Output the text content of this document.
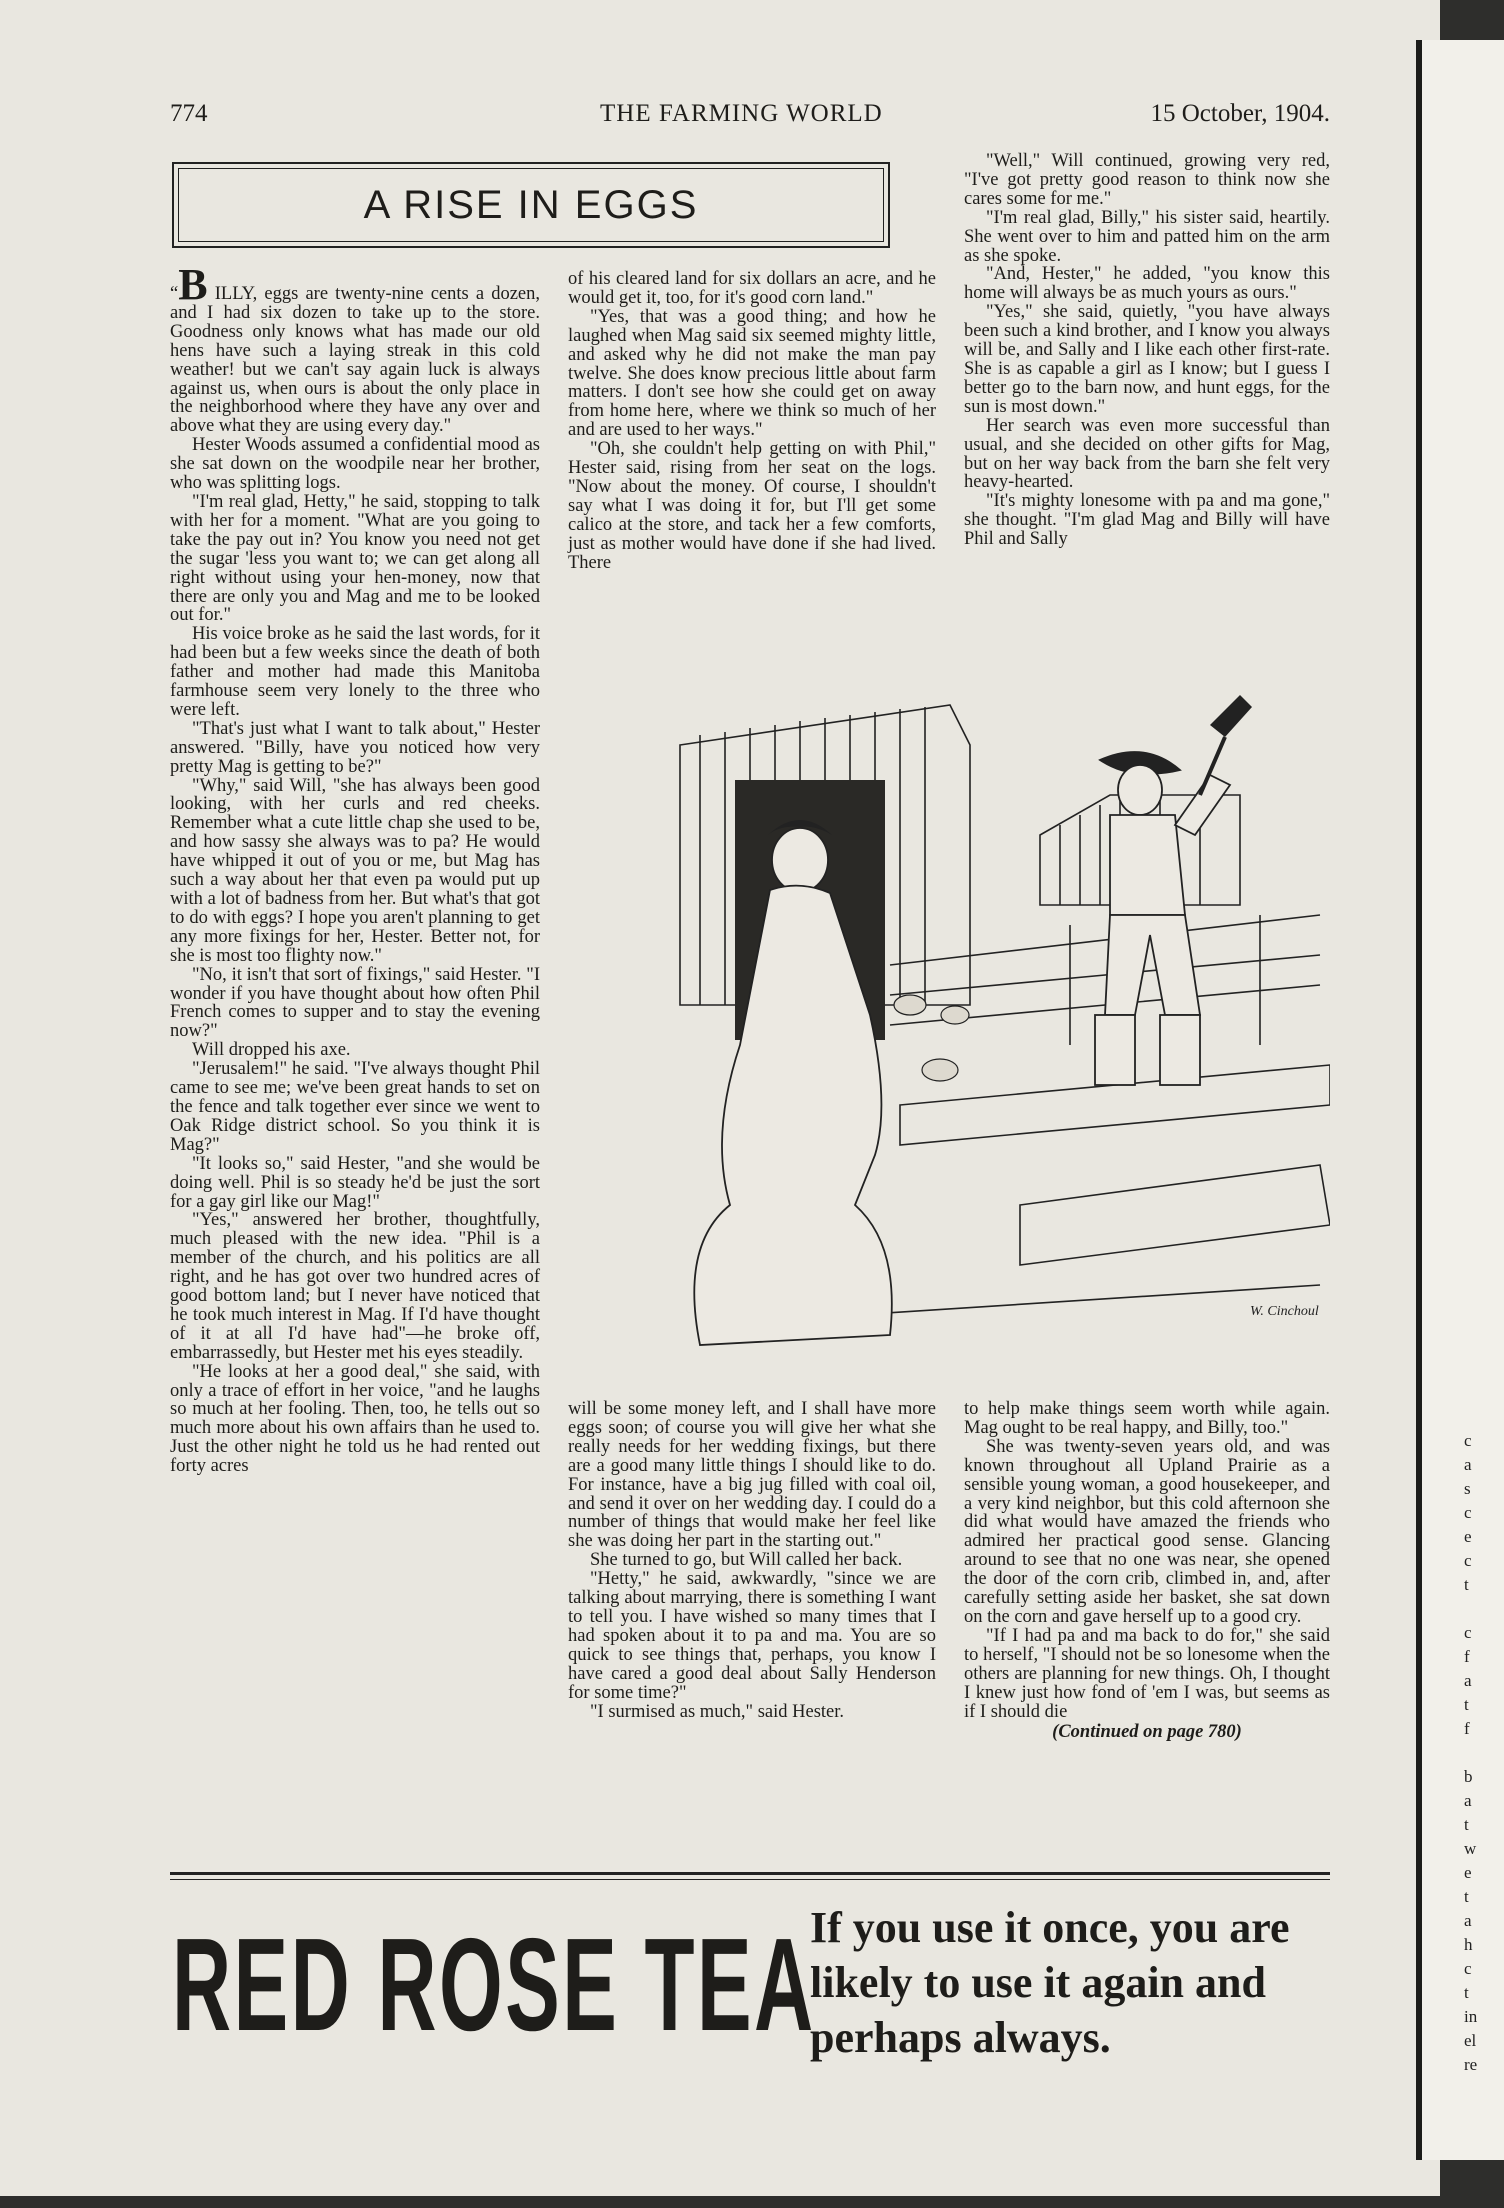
774	THE FARMING WORLD	15 October, 1904.
A RISE IN EGGS

“B ILLY, eggs are twenty-nine cents a dozen, and I had six dozen to take up to the store. Goodness only knows what has made our old hens have such a laying streak in this cold weather! but we can't say again luck is always against us, when ours is about the only place in the neighborhood where they have any over and above what they are using every day."

Hester Woods assumed a confidential mood as she sat down on the woodpile near her brother, who was splitting logs.

"I'm real glad, Hetty," he said, stopping to talk with her for a moment. "What are you going to take the pay out in? You know you need not get the sugar 'less you want to; we can get along all right without using your hen-money, now that there are only you and Mag and me to be looked out for."

His voice broke as he said the last words, for it had been but a few weeks since the death of both father and mother had made this Manitoba farmhouse seem very lonely to the three who were left.

"That's just what I want to talk about," Hester answered. "Billy, have you noticed how very pretty Mag is getting to be?"

"Why," said Will, "she has always been good looking, with her curls and red cheeks. Remember what a cute little chap she used to be, and how sassy she always was to pa? He would have whipped it out of you or me, but Mag has such a way about her that even pa would put up with a lot of badness from her. But what's that got to do with eggs? I hope you aren't planning to get any more fixings for her, Hester. Better not, for she is most too flighty now."

"No, it isn't that sort of fixings," said Hester. "I wonder if you have thought about how often Phil French comes to supper and to stay the evening now?"

Will dropped his axe.

"Jerusalem!" he said. "I've always thought Phil came to see me; we've been great hands to set on the fence and talk together ever since we went to Oak Ridge district school. So you think it is Mag?"

"It looks so," said Hester, "and she would be doing well. Phil is so steady he'd be just the sort for a gay girl like our Mag!"

"Yes," answered her brother, thoughtfully, much pleased with the new idea. "Phil is a member of the church, and his politics are all right, and he has got over two hundred acres of good bottom land; but I never have noticed that he took much interest in Mag. If I'd have thought of it at all I'd have had"—he broke off, embarrassedly, but Hester met his eyes steadily.

"He looks at her a good deal," she said, with only a trace of effort in her voice, "and he laughs so much at her fooling. Then, too, he tells out so much more about his own affairs than he used to. Just the other night he told us he had rented out forty acres

of his cleared land for six dollars an acre, and he would get it, too, for it's good corn land."

"Yes, that was a good thing; and how he laughed when Mag said six seemed mighty little, and asked why he did not make the man pay twelve. She does know precious little about farm matters. I don't see how she could get on away from home here, where we think so much of her and are used to her ways."

"Oh, she couldn't help getting on with Phil," Hester said, rising from her seat on the logs. "Now about the money. Of course, I shouldn't say what I was doing it for, but I'll get some calico at the store, and tack her a few comforts, just as mother would have done if she had lived. There

"Well," Will continued, growing very red, "I've got pretty good reason to think now she cares some for me."

"I'm real glad, Billy," his sister said, heartily. She went over to him and patted him on the arm as she spoke.

"And, Hester," he added, "you know this home will always be as much yours as ours."

"Yes," she said, quietly, "you have always been such a kind brother, and I know you always will be, and Sally and I like each other first-rate. She is as capable a girl as I know; but I guess I better go to the barn now, and hunt eggs, for the sun is most down."

Her search was even more successful than usual, and she decided on other gifts for Mag, but on her way back from the barn she felt very heavy-hearted.

"It's mighty lonesome with pa and ma gone," she thought. "I'm glad Mag and Billy will have Phil and Sally

W. Cinchoul

will be some money left, and I shall have more eggs soon; of course you will give her what she really needs for her wedding fixings, but there are a good many little things I should like to do. For instance, have a big jug filled with coal oil, and send it over on her wedding day. I could do a number of things that would make her feel like she was doing her part in the starting out."

She turned to go, but Will called her back.

"Hetty," he said, awkwardly, "since we are talking about marrying, there is something I want to tell you. I have wished so many times that I had spoken about it to pa and ma. You are so quick to see things that, perhaps, you know I have cared a good deal about Sally Henderson for some time?"

"I surmised as much," said Hester.

to help make things seem worth while again. Mag ought to be real happy, and Billy, too."

She was twenty-seven years old, and was known throughout all Upland Prairie as a sensible young woman, a good housekeeper, and a very kind neighbor, but this cold afternoon she did what would have amazed the friends who admired her practical good sense. Glancing around to see that no one was near, she opened the door of the corn crib, climbed in, and, after carefully setting aside her basket, she sat down on the corn and gave herself up to a good cry.

"If I had pa and ma back to do for," she said to herself, "I should not be so lonesome when the others are planning for new things. Oh, I thought I knew just how fond of 'em I was, but seems as if I should die

(Continued on page 780)

RED ROSE TEA
If you use it once, you are likely to use it again and perhaps always.
c
a
s
c
e
c
t
c
f
a
t
f
b
a
t
w
e
t
a
h
c
t
in
el
re
